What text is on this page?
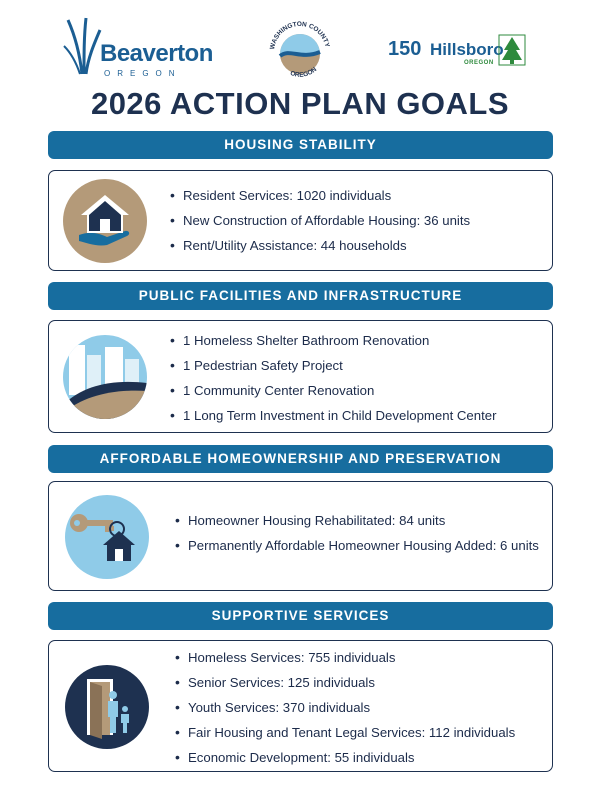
Beaverton
OREGON
WASHINGTON COUNTY
OREGON
150 Hillsboro
OREGON
2026 ACTION PLAN GOALS
HOUSING STABILITY
• Resident Services: 1020 individuals
• New Construction of Affordable Housing: 36 units
• Rent/Utility Assistance: 44 households
PUBLIC FACILITIES AND INFRASTRUCTURE
• 1 Homeless Shelter Bathroom Renovation
• 1 Pedestrian Safety Project
• 1 Community Center Renovation
• 1 Long Term Investment in Child Development Center
AFFORDABLE HOMEOWNERSHIP AND PRESERVATION
• Homeowner Housing Rehabilitated: 84 units
• Permanently Affordable Homeowner Housing Added: 6 units
SUPPORTIVE SERVICES
• Homeless Services: 755 individuals
• Senior Services: 125 individuals
• Youth Services: 370 individuals
• Fair Housing and Tenant Legal Services: 112 individuals
• Economic Development: 55 individuals
